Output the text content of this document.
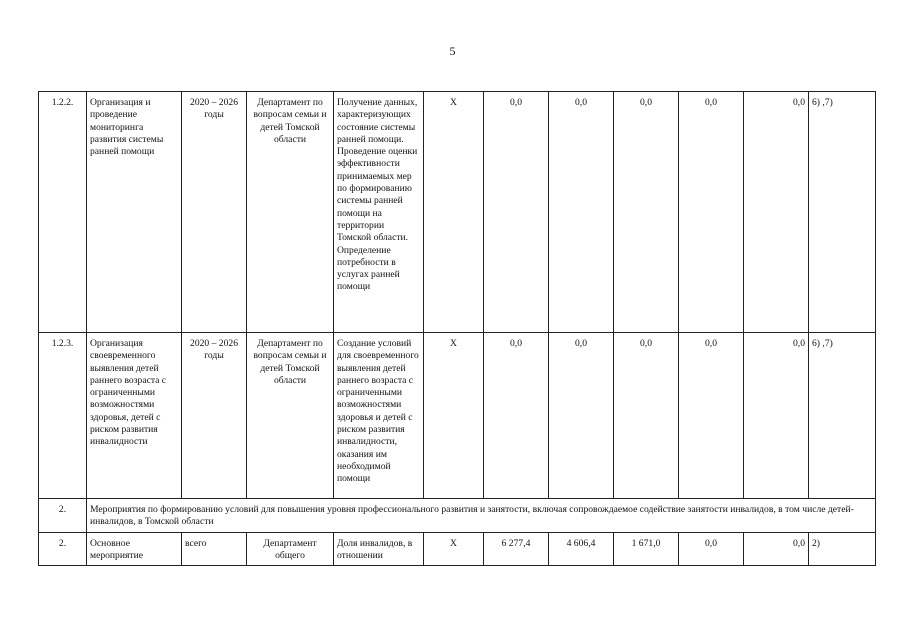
5
1.2.2.	Организация и проведение мониторинга развития системы ранней помощи	2020 – 2026 годы	Департамент по вопросам семьи и детей Томской области	Получение данных, характеризующих состояние системы ранней помощи. Проведение оценки эффективности принимаемых мер по формированию системы ранней помощи на территории Томской области. Определение потребности в услугах ранней помощи	Х	0,0	0,0	0,0	0,0	0,0	6) ,7)
1.2.3.	Организация своевременного выявления детей раннего возраста с ограниченными возможностями здоровья, детей с риском развития инвалидности	2020 – 2026 годы	Департамент по вопросам семьи и детей Томской области	Создание условий для своевременного выявления детей раннего возраста с ограниченными возможностями здоровья и детей с риском развития инвалидности, оказания им необходимой помощи	Х	0,0	0,0	0,0	0,0	0,0	6) ,7)
2.	Мероприятия по формированию условий для повышения уровня профессионального развития и занятости, включая сопровождаемое содействие занятости инвалидов, в том числе детей-инвалидов, в Томской области										
2.	Основное мероприятие	всего	Департамент общего	Доля инвалидов, в отношении	Х	6 277,4	4 606,4	1 671,0	0,0	0,0	2)
